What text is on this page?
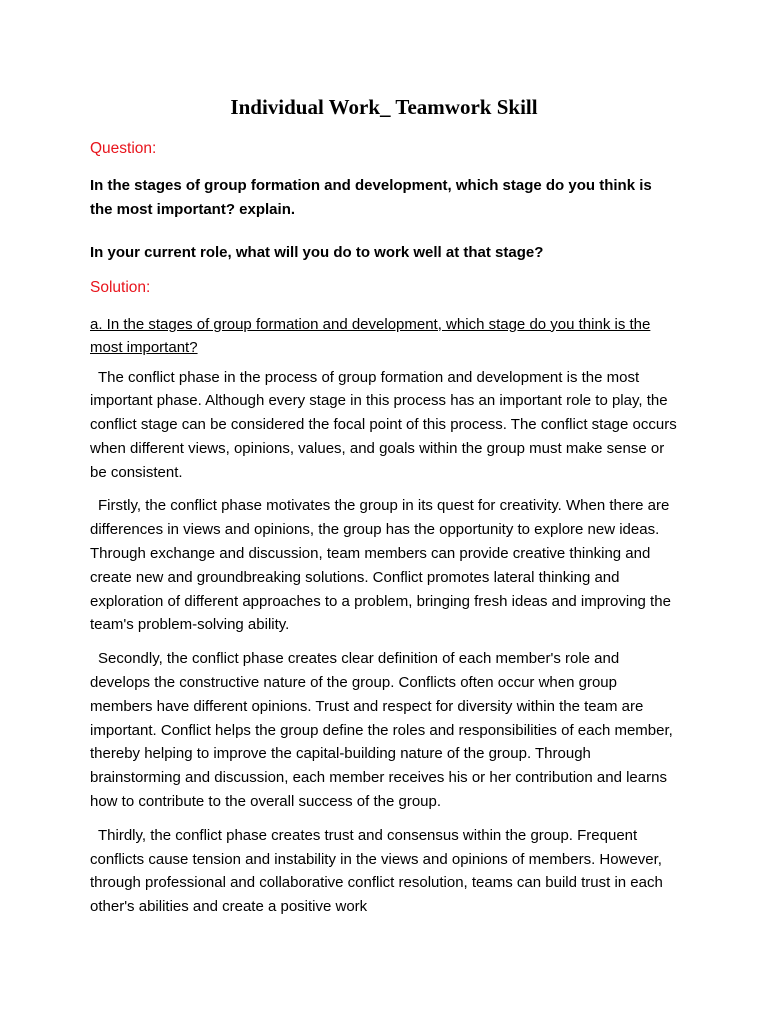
Individual Work_ Teamwork Skill
Question:
In the stages of group formation and development, which stage do you think is the most important? explain.
In your current role, what will you do to work well at that stage?
Solution:
a. In the stages of group formation and development, which stage do you think is the most important?
The conflict phase in the process of group formation and development is the most important phase. Although every stage in this process has an important role to play, the conflict stage can be considered the focal point of this process. The conflict stage occurs when different views, opinions, values, and goals within the group must make sense or be consistent.
Firstly, the conflict phase motivates the group in its quest for creativity. When there are differences in views and opinions, the group has the opportunity to explore new ideas. Through exchange and discussion, team members can provide creative thinking and create new and groundbreaking solutions. Conflict promotes lateral thinking and exploration of different approaches to a problem, bringing fresh ideas and improving the team's problem-solving ability.
Secondly, the conflict phase creates clear definition of each member's role and develops the constructive nature of the group. Conflicts often occur when group members have different opinions. Trust and respect for diversity within the team are important. Conflict helps the group define the roles and responsibilities of each member, thereby helping to improve the capital-building nature of the group. Through brainstorming and discussion, each member receives his or her contribution and learns how to contribute to the overall success of the group.
Thirdly, the conflict phase creates trust and consensus within the group. Frequent conflicts cause tension and instability in the views and opinions of members. However, through professional and collaborative conflict resolution, teams can build trust in each other's abilities and create a positive work
